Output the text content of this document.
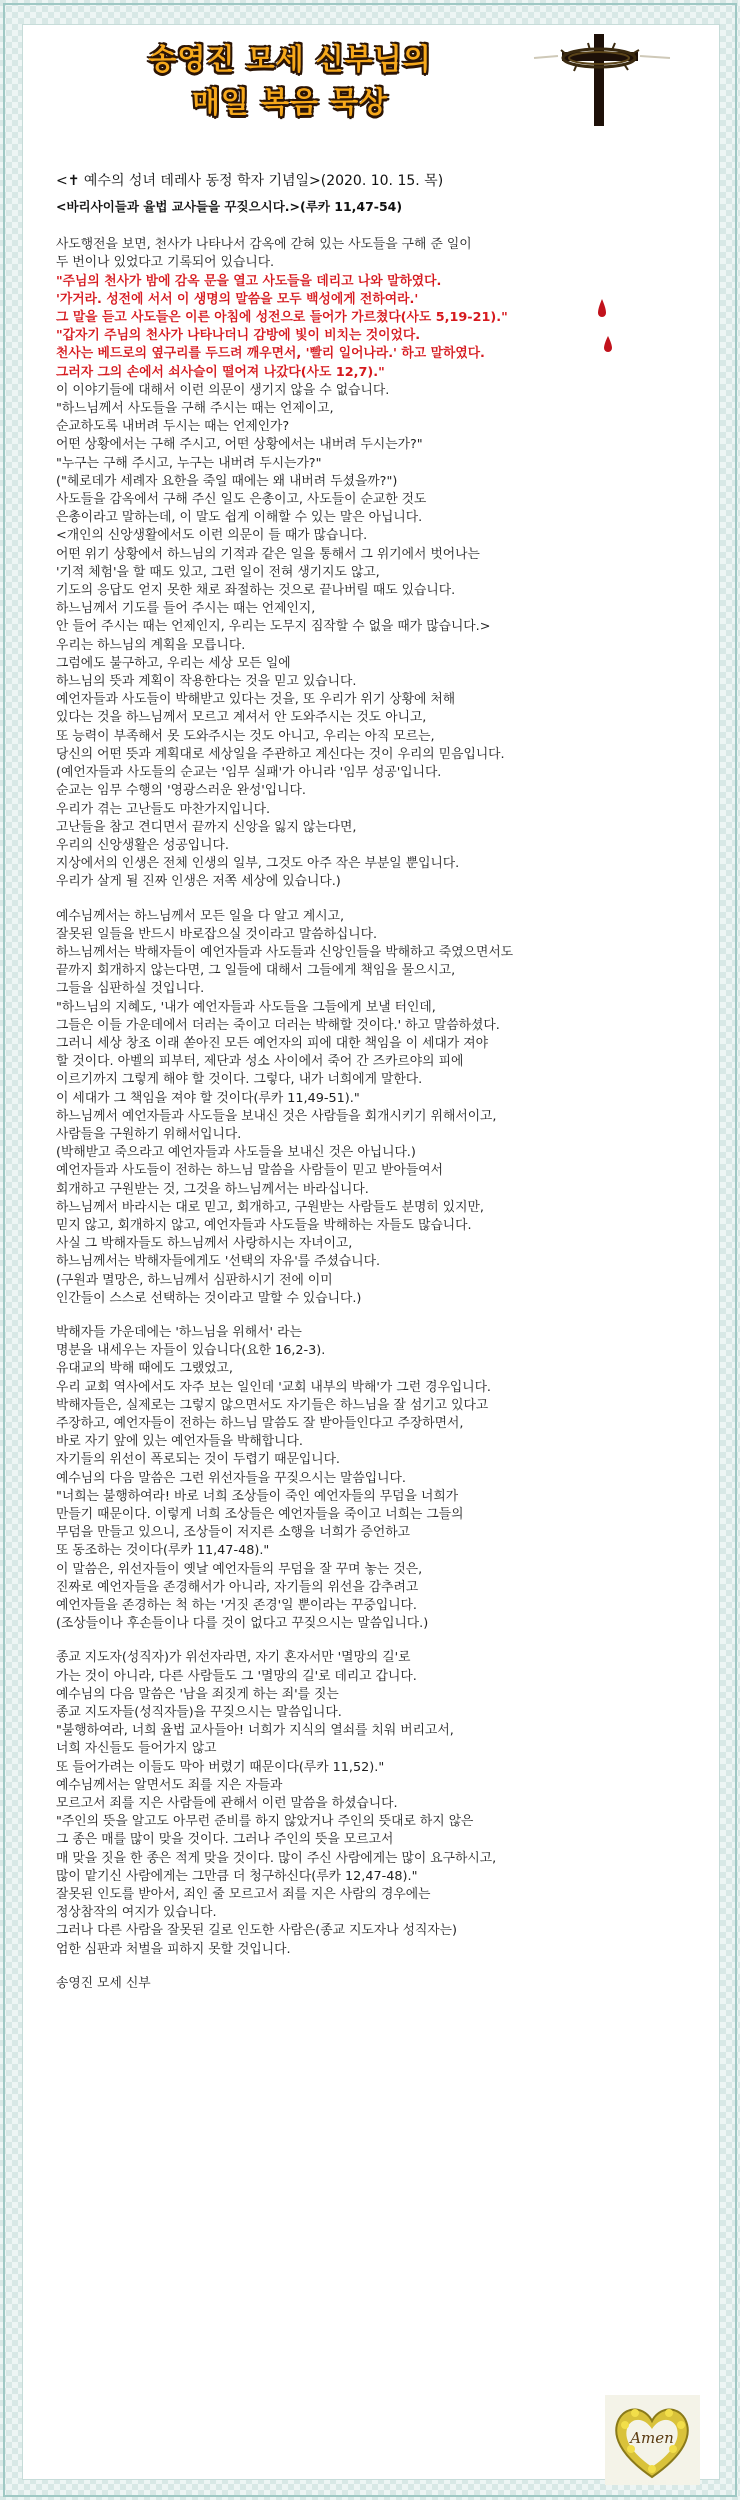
송영진 모세 신부님의
매일 복음 묵상

<✝ 예수의 성녀 데레사 동정 학자 기념일>(2020. 10. 15. 목)

<바리사이들과 율법 교사들을 꾸짖으시다.>(루카 11,47-54)

사도행전을 보면, 천사가 나타나서 감옥에 갇혀 있는 사도들을 구해 준 일이

두 번이나 있었다고 기록되어 있습니다.

"주님의 천사가 밤에 감옥 문을 열고 사도들을 데리고 나와 말하였다.

'가거라. 성전에 서서 이 생명의 말씀을 모두 백성에게 전하여라.'

그 말을 듣고 사도들은 이른 아침에 성전으로 들어가 가르쳤다(사도 5,19-21)."

"갑자기 주님의 천사가 나타나더니 감방에 빛이 비치는 것이었다.

천사는 베드로의 옆구리를 두드려 깨우면서, '빨리 일어나라.' 하고 말하였다.

그러자 그의 손에서 쇠사슬이 떨어져 나갔다(사도 12,7)."

이 이야기들에 대해서 이런 의문이 생기지 않을 수 없습니다.

"하느님께서 사도들을 구해 주시는 때는 언제이고,

순교하도록 내버려 두시는 때는 언제인가?

어떤 상황에서는 구해 주시고, 어떤 상황에서는 내버려 두시는가?"

"누구는 구해 주시고, 누구는 내버려 두시는가?"

("헤로데가 세례자 요한을 죽일 때에는 왜 내버려 두셨을까?")

사도들을 감옥에서 구해 주신 일도 은총이고, 사도들이 순교한 것도

은총이라고 말하는데, 이 말도 쉽게 이해할 수 있는 말은 아닙니다.

<개인의 신앙생활에서도 이런 의문이 들 때가 많습니다.

어떤 위기 상황에서 하느님의 기적과 같은 일을 통해서 그 위기에서 벗어나는

'기적 체험'을 할 때도 있고, 그런 일이 전혀 생기지도 않고,

기도의 응답도 얻지 못한 채로 좌절하는 것으로 끝나버릴 때도 있습니다.

하느님께서 기도를 들어 주시는 때는 언제인지,

안 들어 주시는 때는 언제인지, 우리는 도무지 짐작할 수 없을 때가 많습니다.>

우리는 하느님의 계획을 모릅니다.

그럼에도 불구하고, 우리는 세상 모든 일에

하느님의 뜻과 계획이 작용한다는 것을 믿고 있습니다.

예언자들과 사도들이 박해받고 있다는 것을, 또 우리가 위기 상황에 처해

있다는 것을 하느님께서 모르고 계셔서 안 도와주시는 것도 아니고,

또 능력이 부족해서 못 도와주시는 것도 아니고, 우리는 아직 모르는,

당신의 어떤 뜻과 계획대로 세상일을 주관하고 계신다는 것이 우리의 믿음입니다.

(예언자들과 사도들의 순교는 '임무 실패'가 아니라 '임무 성공'입니다.

순교는 임무 수행의 '영광스러운 완성'입니다.

우리가 겪는 고난들도 마찬가지입니다.

고난들을 참고 견디면서 끝까지 신앙을 잃지 않는다면,

우리의 신앙생활은 성공입니다.

지상에서의 인생은 전체 인생의 일부, 그것도 아주 작은 부분일 뿐입니다.

우리가 살게 될 진짜 인생은 저쪽 세상에 있습니다.)

예수님께서는 하느님께서 모든 일을 다 알고 계시고,

잘못된 일들을 반드시 바로잡으실 것이라고 말씀하십니다.

하느님께서는 박해자들이 예언자들과 사도들과 신앙인들을 박해하고 죽였으면서도

끝까지 회개하지 않는다면, 그 일들에 대해서 그들에게 책임을 물으시고,

그들을 심판하실 것입니다.

"하느님의 지혜도, '내가 예언자들과 사도들을 그들에게 보낼 터인데,

그들은 이들 가운데에서 더러는 죽이고 더러는 박해할 것이다.' 하고 말씀하셨다.

그러니 세상 창조 이래 쏟아진 모든 예언자의 피에 대한 책임을 이 세대가 져야

할 것이다. 아벨의 피부터, 제단과 성소 사이에서 죽어 간 즈카르야의 피에

이르기까지 그렇게 해야 할 것이다. 그렇다, 내가 너희에게 말한다.

이 세대가 그 책임을 져야 할 것이다(루카 11,49-51)."

하느님께서 예언자들과 사도들을 보내신 것은 사람들을 회개시키기 위해서이고,

사람들을 구원하기 위해서입니다.

(박해받고 죽으라고 예언자들과 사도들을 보내신 것은 아닙니다.)

예언자들과 사도들이 전하는 하느님 말씀을 사람들이 믿고 받아들여서

회개하고 구원받는 것, 그것을 하느님께서는 바라십니다.

하느님께서 바라시는 대로 믿고, 회개하고, 구원받는 사람들도 분명히 있지만,

믿지 않고, 회개하지 않고, 예언자들과 사도들을 박해하는 자들도 많습니다.

사실 그 박해자들도 하느님께서 사랑하시는 자녀이고,

하느님께서는 박해자들에게도 '선택의 자유'를 주셨습니다.

(구원과 멸망은, 하느님께서 심판하시기 전에 이미

인간들이 스스로 선택하는 것이라고 말할 수 있습니다.)

박해자들 가운데에는 '하느님을 위해서' 라는

명분을 내세우는 자들이 있습니다(요한 16,2-3).

유대교의 박해 때에도 그랬었고,

우리 교회 역사에서도 자주 보는 일인데 '교회 내부의 박해'가 그런 경우입니다.

박해자들은, 실제로는 그렇지 않으면서도 자기들은 하느님을 잘 섬기고 있다고

주장하고, 예언자들이 전하는 하느님 말씀도 잘 받아들인다고 주장하면서,

바로 자기 앞에 있는 예언자들을 박해합니다.

자기들의 위선이 폭로되는 것이 두렵기 때문입니다.

예수님의 다음 말씀은 그런 위선자들을 꾸짖으시는 말씀입니다.

"너희는 불행하여라! 바로 너희 조상들이 죽인 예언자들의 무덤을 너희가

만들기 때문이다. 이렇게 너희 조상들은 예언자들을 죽이고 너희는 그들의

무덤을 만들고 있으니, 조상들이 저지른 소행을 너희가 증언하고

또 동조하는 것이다(루카 11,47-48)."

이 말씀은, 위선자들이 옛날 예언자들의 무덤을 잘 꾸며 놓는 것은,

진짜로 예언자들을 존경해서가 아니라, 자기들의 위선을 감추려고

예언자들을 존경하는 척 하는 '거짓 존경'일 뿐이라는 꾸중입니다.

(조상들이나 후손들이나 다를 것이 없다고 꾸짖으시는 말씀입니다.)

종교 지도자(성직자)가 위선자라면, 자기 혼자서만 '멸망의 길'로

가는 것이 아니라, 다른 사람들도 그 '멸망의 길'로 데리고 갑니다.

예수님의 다음 말씀은 '남을 죄짓게 하는 죄'를 짓는

종교 지도자들(성직자들)을 꾸짖으시는 말씀입니다.

"불행하여라, 너희 율법 교사들아! 너희가 지식의 열쇠를 치워 버리고서,

너희 자신들도 들어가지 않고

또 들어가려는 이들도 막아 버렸기 때문이다(루카 11,52)."

예수님께서는 알면서도 죄를 지은 자들과

모르고서 죄를 지은 사람들에 관해서 이런 말씀을 하셨습니다.

"주인의 뜻을 알고도 아무런 준비를 하지 않았거나 주인의 뜻대로 하지 않은

그 종은 매를 많이 맞을 것이다. 그러나 주인의 뜻을 모르고서

매 맞을 짓을 한 종은 적게 맞을 것이다. 많이 주신 사람에게는 많이 요구하시고,

많이 맡기신 사람에게는 그만큼 더 청구하신다(루카 12,47-48)."

잘못된 인도를 받아서, 죄인 줄 모르고서 죄를 지은 사람의 경우에는

정상참작의 여지가 있습니다.

그러나 다른 사람을 잘못된 길로 인도한 사람은(종교 지도자나 성직자는)

엄한 심판과 처벌을 피하지 못할 것입니다.

송영진 모세 신부

Amen
